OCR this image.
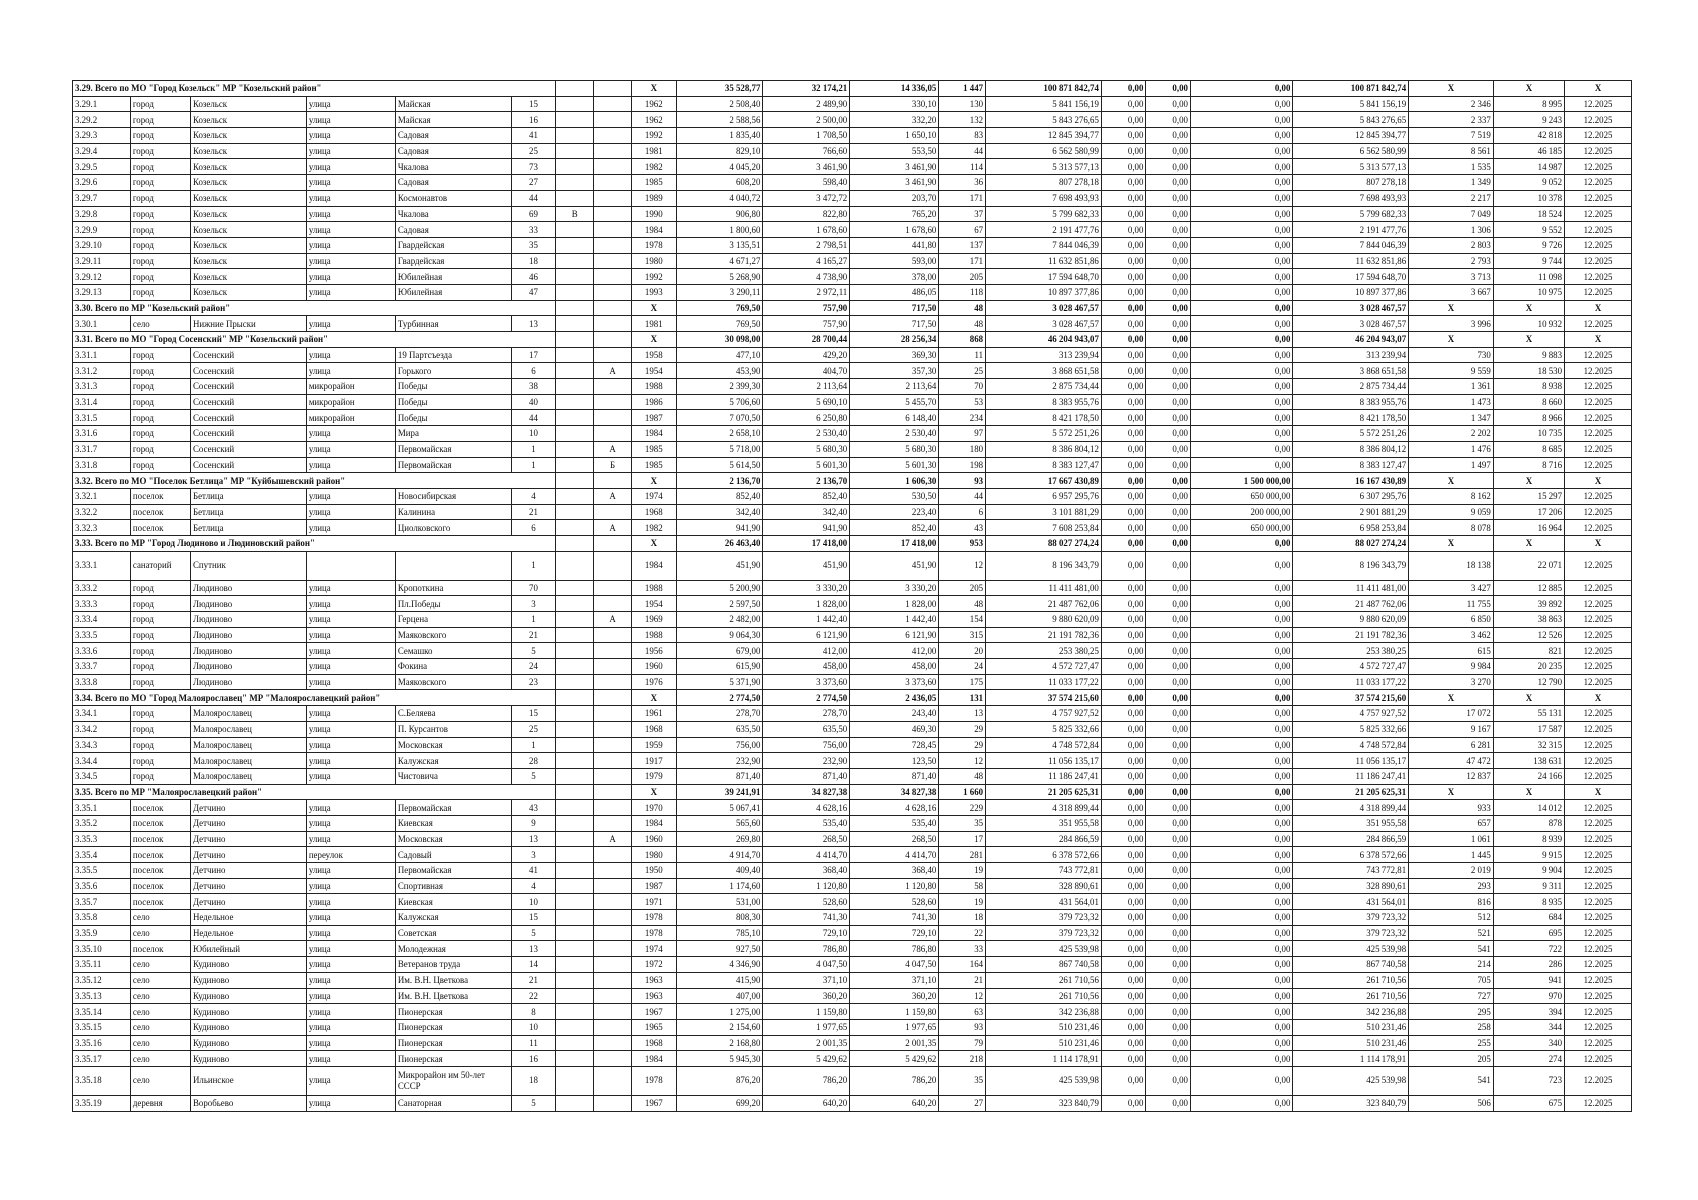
3.29. Всего по МО "Город Козельск" МР "Козельский район"								Х	35 528,77	32 174,21	14 336,05	1 447	100 871 842,74	0,00	0,00	0,00	100 871 842,74	Х	Х	Х
3.29.1	город	Козельск	улица	Майская	15			1962	2 508,40	2 489,90	330,10	130	5 841 156,19	0,00	0,00	0,00	5 841 156,19	2 346	8 995	12.2025
3.29.2	город	Козельск	улица	Майская	16			1962	2 588,56	2 500,00	332,20	132	5 843 276,65	0,00	0,00	0,00	5 843 276,65	2 337	9 243	12.2025
3.29.3	город	Козельск	улица	Садовая	41			1992	1 835,40	1 708,50	1 650,10	83	12 845 394,77	0,00	0,00	0,00	12 845 394,77	7 519	42 818	12.2025
3.29.4	город	Козельск	улица	Садовая	25			1981	829,10	766,60	553,50	44	6 562 580,99	0,00	0,00	0,00	6 562 580,99	8 561	46 185	12.2025
3.29.5	город	Козельск	улица	Чкалова	73			1982	4 045,20	3 461,90	3 461,90	114	5 313 577,13	0,00	0,00	0,00	5 313 577,13	1 535	14 987	12.2025
3.29.6	город	Козельск	улица	Садовая	27			1985	608,20	598,40	3 461,90	36	807 278,18	0,00	0,00	0,00	807 278,18	1 349	9 052	12.2025
3.29.7	город	Козельск	улица	Космонавтов	44			1989	4 040,72	3 472,72	203,70	171	7 698 493,93	0,00	0,00	0,00	7 698 493,93	2 217	10 378	12.2025
3.29.8	город	Козельск	улица	Чкалова	69	В		1990	906,80	822,80	765,20	37	5 799 682,33	0,00	0,00	0,00	5 799 682,33	7 049	18 524	12.2025
3.29.9	город	Козельск	улица	Садовая	33			1984	1 800,60	1 678,60	1 678,60	67	2 191 477,76	0,00	0,00	0,00	2 191 477,76	1 306	9 552	12.2025
3.29.10	город	Козельск	улица	Гвардейская	35			1978	3 135,51	2 798,51	441,80	137	7 844 046,39	0,00	0,00	0,00	7 844 046,39	2 803	9 726	12.2025
3.29.11	город	Козельск	улица	Гвардейская	18			1980	4 671,27	4 165,27	593,00	171	11 632 851,86	0,00	0,00	0,00	11 632 851,86	2 793	9 744	12.2025
3.29.12	город	Козельск	улица	Юбилейная	46			1992	5 268,90	4 738,90	378,00	205	17 594 648,70	0,00	0,00	0,00	17 594 648,70	3 713	11 098	12.2025
3.29.13	город	Козельск	улица	Юбилейная	47			1993	3 290,11	2 972,11	486,05	118	10 897 377,86	0,00	0,00	0,00	10 897 377,86	3 667	10 975	12.2025
3.30. Всего по МР "Козельский район"								Х	769,50	757,90	717,50	48	3 028 467,57	0,00	0,00	0,00	3 028 467,57	Х	Х	Х
3.30.1	село	Нижние Прыски	улица	Турбинная	13			1981	769,50	757,90	717,50	48	3 028 467,57	0,00	0,00	0,00	3 028 467,57	3 996	10 932	12.2025
3.31. Всего по МО "Город Сосенский" МР "Козельский район"								Х	30 098,00	28 700,44	28 256,34	868	46 204 943,07	0,00	0,00	0,00	46 204 943,07	Х	Х	Х
3.31.1	город	Сосенский	улица	19 Партсъезда	17			1958	477,10	429,20	369,30	11	313 239,94	0,00	0,00	0,00	313 239,94	730	9 883	12.2025
3.31.2	город	Сосенский	улица	Горького	6		А	1954	453,90	404,70	357,30	25	3 868 651,58	0,00	0,00	0,00	3 868 651,58	9 559	18 530	12.2025
3.31.3	город	Сосенский	микрорайон	Победы	38			1988	2 399,30	2 113,64	2 113,64	70	2 875 734,44	0,00	0,00	0,00	2 875 734,44	1 361	8 938	12.2025
3.31.4	город	Сосенский	микрорайон	Победы	40			1986	5 706,60	5 690,10	5 455,70	53	8 383 955,76	0,00	0,00	0,00	8 383 955,76	1 473	8 660	12.2025
3.31.5	город	Сосенский	микрорайон	Победы	44			1987	7 070,50	6 250,80	6 148,40	234	8 421 178,50	0,00	0,00	0,00	8 421 178,50	1 347	8 966	12.2025
3.31.6	город	Сосенский	улица	Мира	10			1984	2 658,10	2 530,40	2 530,40	97	5 572 251,26	0,00	0,00	0,00	5 572 251,26	2 202	10 735	12.2025
3.31.7	город	Сосенский	улица	Первомайская	1		А	1985	5 718,00	5 680,30	5 680,30	180	8 386 804,12	0,00	0,00	0,00	8 386 804,12	1 476	8 685	12.2025
3.31.8	город	Сосенский	улица	Первомайская	1		Б	1985	5 614,50	5 601,30	5 601,30	198	8 383 127,47	0,00	0,00	0,00	8 383 127,47	1 497	8 716	12.2025
3.32. Всего по МО "Поселок Бетлица" МР "Куйбышевский район"								Х	2 136,70	2 136,70	1 606,30	93	17 667 430,89	0,00	0,00	1 500 000,00	16 167 430,89	Х	Х	Х
3.32.1	поселок	Бетлица	улица	Новосибирская	4		А	1974	852,40	852,40	530,50	44	6 957 295,76	0,00	0,00	650 000,00	6 307 295,76	8 162	15 297	12.2025
3.32.2	поселок	Бетлица	улица	Калинина	21			1968	342,40	342,40	223,40	6	3 101 881,29	0,00	0,00	200 000,00	2 901 881,29	9 059	17 206	12.2025
3.32.3	поселок	Бетлица	улица	Циолковского	6		А	1982	941,90	941,90	852,40	43	7 608 253,84	0,00	0,00	650 000,00	6 958 253,84	8 078	16 964	12.2025
3.33. Всего по МР "Город Людиново и Людиновский район"								Х	26 463,40	17 418,00	17 418,00	953	88 027 274,24	0,00	0,00	0,00	88 027 274,24	Х	Х	Х
3.33.1	санаторий	Спутник			1			1984	451,90	451,90	451,90	12	8 196 343,79	0,00	0,00	0,00	8 196 343,79	18 138	22 071	12.2025
3.33.2	город	Людиново	улица	Кропоткина	70			1988	5 200,90	3 330,20	3 330,20	205	11 411 481,00	0,00	0,00	0,00	11 411 481,00	3 427	12 885	12.2025
3.33.3	город	Людиново	улица	Пл.Победы	3			1954	2 597,50	1 828,00	1 828,00	48	21 487 762,06	0,00	0,00	0,00	21 487 762,06	11 755	39 892	12.2025
3.33.4	город	Людиново	улица	Герцена	1		А	1969	2 482,00	1 442,40	1 442,40	154	9 880 620,09	0,00	0,00	0,00	9 880 620,09	6 850	38 863	12.2025
3.33.5	город	Людиново	улица	Маяковского	21			1988	9 064,30	6 121,90	6 121,90	315	21 191 782,36	0,00	0,00	0,00	21 191 782,36	3 462	12 526	12.2025
3.33.6	город	Людиново	улица	Семашко	5			1956	679,00	412,00	412,00	20	253 380,25	0,00	0,00	0,00	253 380,25	615	821	12.2025
3.33.7	город	Людиново	улица	Фокина	24			1960	615,90	458,00	458,00	24	4 572 727,47	0,00	0,00	0,00	4 572 727,47	9 984	20 235	12.2025
3.33.8	город	Людиново	улица	Маяковского	23			1976	5 371,90	3 373,60	3 373,60	175	11 033 177,22	0,00	0,00	0,00	11 033 177,22	3 270	12 790	12.2025
3.34. Всего по МО "Город Малоярославец" МР "Малоярославецкий район"								Х	2 774,50	2 774,50	2 436,05	131	37 574 215,60	0,00	0,00	0,00	37 574 215,60	Х	Х	Х
3.34.1	город	Малоярославец	улица	С.Беляева	15			1961	278,70	278,70	243,40	13	4 757 927,52	0,00	0,00	0,00	4 757 927,52	17 072	55 131	12.2025
3.34.2	город	Малоярославец	улица	П. Курсантов	25			1968	635,50	635,50	469,30	29	5 825 332,66	0,00	0,00	0,00	5 825 332,66	9 167	17 587	12.2025
3.34.3	город	Малоярославец	улица	Московская	1			1959	756,00	756,00	728,45	29	4 748 572,84	0,00	0,00	0,00	4 748 572,84	6 281	32 315	12.2025
3.34.4	город	Малоярославец	улица	Калужская	28			1917	232,90	232,90	123,50	12	11 056 135,17	0,00	0,00	0,00	11 056 135,17	47 472	138 631	12.2025
3.34.5	город	Малоярославец	улица	Чистовича	5			1979	871,40	871,40	871,40	48	11 186 247,41	0,00	0,00	0,00	11 186 247,41	12 837	24 166	12.2025
3.35. Всего по МР "Малоярославецкий район"								Х	39 241,91	34 827,38	34 827,38	1 660	21 205 625,31	0,00	0,00	0,00	21 205 625,31	Х	Х	Х
3.35.1	поселок	Детчино	улица	Первомайская	43			1970	5 067,41	4 628,16	4 628,16	229	4 318 899,44	0,00	0,00	0,00	4 318 899,44	933	14 012	12.2025
3.35.2	поселок	Детчино	улица	Киевская	9			1984	565,60	535,40	535,40	35	351 955,58	0,00	0,00	0,00	351 955,58	657	878	12.2025
3.35.3	поселок	Детчино	улица	Московская	13		А	1960	269,80	268,50	268,50	17	284 866,59	0,00	0,00	0,00	284 866,59	1 061	8 939	12.2025
3.35.4	поселок	Детчино	переулок	Садовый	3			1980	4 914,70	4 414,70	4 414,70	281	6 378 572,66	0,00	0,00	0,00	6 378 572,66	1 445	9 915	12.2025
3.35.5	поселок	Детчино	улица	Первомайская	41			1950	409,40	368,40	368,40	19	743 772,81	0,00	0,00	0,00	743 772,81	2 019	9 904	12.2025
3.35.6	поселок	Детчино	улица	Спортивная	4			1987	1 174,60	1 120,80	1 120,80	58	328 890,61	0,00	0,00	0,00	328 890,61	293	9 311	12.2025
3.35.7	поселок	Детчино	улица	Киевская	10			1971	531,00	528,60	528,60	19	431 564,01	0,00	0,00	0,00	431 564,01	816	8 935	12.2025
3.35.8	село	Недельное	улица	Калужская	15			1978	808,30	741,30	741,30	18	379 723,32	0,00	0,00	0,00	379 723,32	512	684	12.2025
3.35.9	село	Недельное	улица	Советская	5			1978	785,10	729,10	729,10	22	379 723,32	0,00	0,00	0,00	379 723,32	521	695	12.2025
3.35.10	поселок	Юбилейный	улица	Молодежная	13			1974	927,50	786,80	786,80	33	425 539,98	0,00	0,00	0,00	425 539,98	541	722	12.2025
3.35.11	село	Кудиново	улица	Ветеранов труда	14			1972	4 346,90	4 047,50	4 047,50	164	867 740,58	0,00	0,00	0,00	867 740,58	214	286	12.2025
3.35.12	село	Кудиново	улица	Им. В.Н. Цветкова	21			1963	415,90	371,10	371,10	21	261 710,56	0,00	0,00	0,00	261 710,56	705	941	12.2025
3.35.13	село	Кудиново	улица	Им. В.Н. Цветкова	22			1963	407,00	360,20	360,20	12	261 710,56	0,00	0,00	0,00	261 710,56	727	970	12.2025
3.35.14	село	Кудиново	улица	Пионерская	8			1967	1 275,00	1 159,80	1 159,80	63	342 236,88	0,00	0,00	0,00	342 236,88	295	394	12.2025
3.35.15	село	Кудиново	улица	Пионерская	10			1965	2 154,60	1 977,65	1 977,65	93	510 231,46	0,00	0,00	0,00	510 231,46	258	344	12.2025
3.35.16	село	Кудиново	улица	Пионерская	11			1968	2 168,80	2 001,35	2 001,35	79	510 231,46	0,00	0,00	0,00	510 231,46	255	340	12.2025
3.35.17	село	Кудиново	улица	Пионерская	16			1984	5 945,30	5 429,62	5 429,62	218	1 114 178,91	0,00	0,00	0,00	1 114 178,91	205	274	12.2025
3.35.18	село	Ильинское	улица	Микрорайон им 50-лет СССР	18			1978	876,20	786,20	786,20	35	425 539,98	0,00	0,00	0,00	425 539,98	541	723	12.2025
3.35.19	деревня	Воробьево	улица	Санаторная	5			1967	699,20	640,20	640,20	27	323 840,79	0,00	0,00	0,00	323 840,79	506	675	12.2025
